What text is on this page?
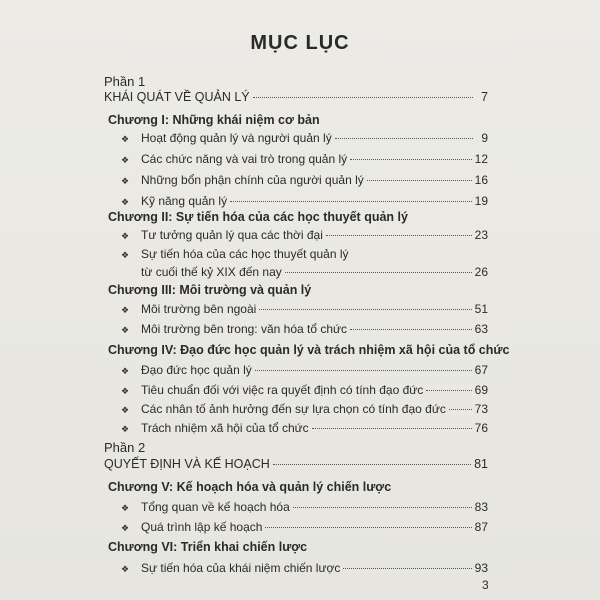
MỤC LỤC
Phần 1
KHÁI QUÁT VỀ QUẢN LÝ	7
Chương I: Những khái niệm cơ bản
❖ Hoạt động quản lý và người quản lý	9
❖ Các chức năng và vai trò trong quản lý	12
❖ Những bổn phận chính của người quản lý	16
❖ Kỹ năng quản lý	19
Chương II: Sự tiến hóa của các học thuyết quản lý
❖ Tư tưởng quản lý qua các thời đại	23
❖ Sự tiến hóa của các học thuyết quản lý
từ cuối thế kỷ XIX đến nay	26
Chương III: Môi trường và quản lý
❖ Môi trường bên ngoài	51
❖ Môi trường bên trong: văn hóa tổ chức	63
Chương IV: Đạo đức học quản lý và trách nhiệm xã hội của tổ chức
❖ Đạo đức học quản lý	67
❖ Tiêu chuẩn đối với việc ra quyết định có tính đạo đức	69
❖ Các nhân tố ảnh hưởng đến sự lựa chọn có tính đạo đức 73
❖ Trách nhiệm xã hội của tổ chức	76
Phần 2
QUYẾT ĐỊNH VÀ KẾ HOẠCH	81
Chương V: Kế hoạch hóa và quản lý chiến lược
❖ Tổng quan về kế hoạch hóa	83
❖ Quá trình lập kế hoạch	87
Chương VI: Triển khai chiến lược
❖ Sự tiến hóa của khái niệm chiến lược	93
3
